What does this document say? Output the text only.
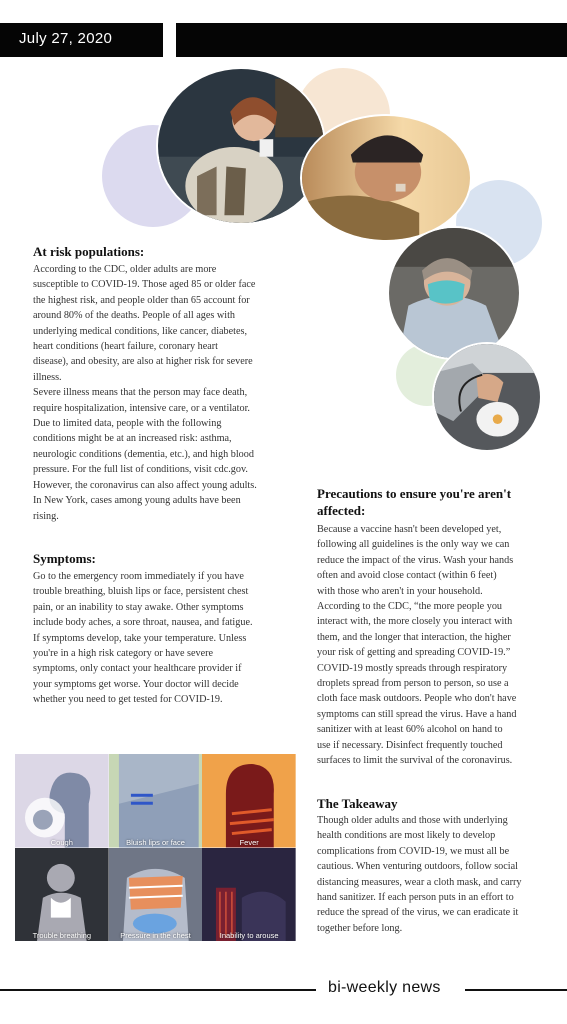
July 27, 2020
At risk populations:
According to the CDC, older adults are more
susceptible to COVID-19. Those aged 85 or older face
the highest risk, and people older than 65 account for
around 80% of the deaths. People of all ages with
underlying medical conditions, like cancer, diabetes,
heart conditions (heart failure, coronary heart
disease), and obesity, are also at higher risk for severe
illness.
Severe illness means that the person may face death,
require hospitalization, intensive care, or a ventilator.
Due to limited data, people with the following
conditions might be at an increased risk: asthma,
neurologic conditions (dementia, etc.), and high blood
pressure. For the full list of conditions, visit cdc.gov.
However, the coronavirus can also affect young adults.
In New York, cases among young adults have been
rising.
Symptoms:
Go to the emergency room immediately if you have
trouble breathing, bluish lips or face, persistent chest
pain, or an inability to stay awake. Other symptoms
include body aches, a sore throat, nausea, and fatigue.
If symptoms develop, take your temperature. Unless
you're in a high risk category or have severe
symptoms, only contact your healthcare provider if
your symptoms get worse. Your doctor will decide
whether you need to get tested for COVID-19.
Cough	Bluish lips or face	Fever
Trouble breathing	Pressure in the chest	Inability to arouse
Precautions to ensure you're aren't
affected:
Because a vaccine hasn't been developed yet,
following all guidelines is the only way we can
reduce the impact of the virus. Wash your hands
often and avoid close contact (within 6 feet)
with those who aren't in your household.
According to the CDC, “the more people you
interact with, the more closely you interact with
them, and the longer that interaction, the higher
your risk of getting and spreading COVID-19.”
COVID-19 mostly spreads through respiratory
droplets spread from person to person, so use a
cloth face mask outdoors. People who don't have
symptoms can still spread the virus. Have a hand
sanitizer with at least 60% alcohol on hand to
use if necessary. Disinfect frequently touched
surfaces to limit the survival of the coronavirus.
The Takeaway
Though older adults and those with underlying
health conditions are most likely to develop
complications from COVID-19, we must all be
cautious. When venturing outdoors, follow social
distancing measures, wear a cloth mask, and carry
hand sanitizer. If each person puts in an effort to
reduce the spread of the virus, we can eradicate it
together before long.
bi-weekly news
